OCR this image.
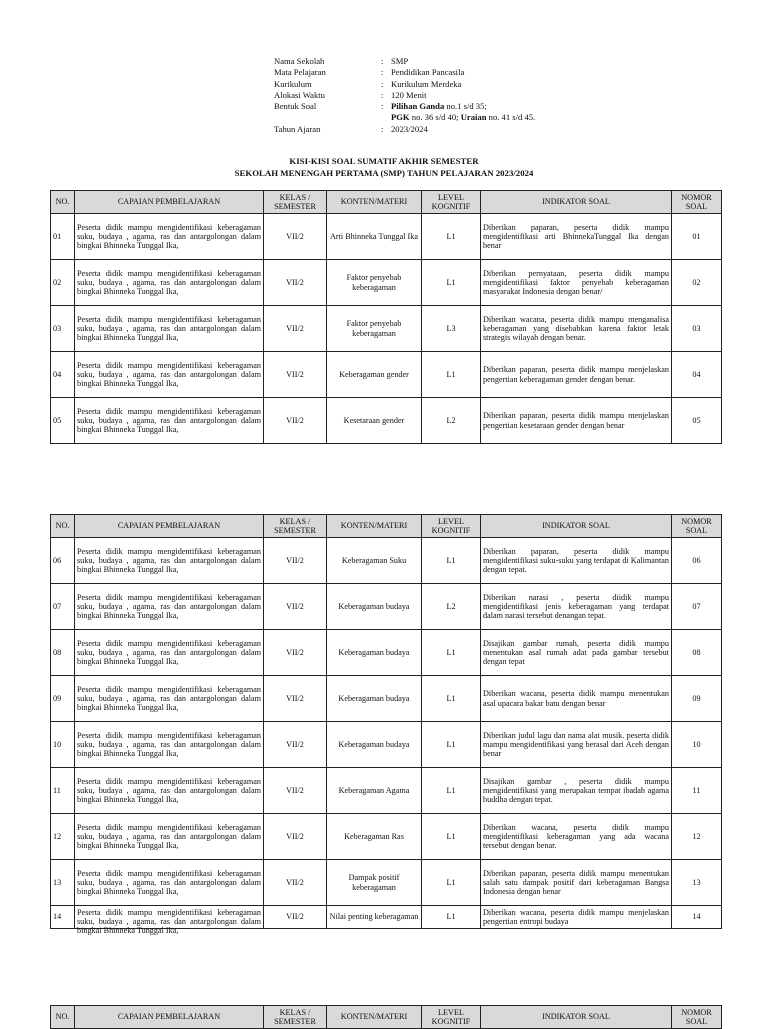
Nama Sekolah	: SMP
Mata Pelajaran	: Pendidikan Pancasila
Kurikulum	: Kurikulum Merdeka
Alokasi Waktu	: 120 Menit
Bentuk Soal	: Pilihan Ganda no.1 s/d 35;
PGK no. 36 s/d 40; Uraian no. 41 s/d 45.
Tahun Ajaran	: 2023/2024
KISI-KISI SOAL SUMATIF AKHIR SEMESTER
SEKOLAH MENENGAH PERTAMA (SMP) TAHUN PELAJARAN 2023/2024
NO.	CAPAIAN PEMBELAJARAN	KELAS / SEMESTER	KONTEN/MATERI	LEVEL KOGNITIF	INDIKATOR SOAL	NOMOR SOAL
01	Peserta didik mampu mengidentifikasi keberagaman suku, budaya , agama, ras dan antargolongan dalam bingkai Bhinneka Tunggal Ika,	VII/2	Arti Bhinneka Tunggal Ika	L1	Diberikan paparan, peserta didik mampu mengidentifikasi arti BhinnekaTunggal Ika dengan benar	01
02	Peserta didik mampu mengidentifikasi keberagaman suku, budaya , agama, ras dan antargolongan dalam bingkai Bhinneka Tunggal Ika,	VII/2	Faktor penyebab keberagaman	L1	Diberikan pernyataan, peserta didik mampu mengidentifikasi faktor penyebab keberagaman masyarakat Indonesia dengan benar/	02
03	Peserta didik mampu mengidentifikasi keberagaman suku, budaya , agama, ras dan antargolongan dalam bingkai Bhinneka Tunggal Ika,	VII/2	Faktor penyebab keberagaman	L3	Diberikan wacana, peserta didik mampu menganalisa keberagaman yang disebabkan karena faktor letak strategis wilayah dengan benar.	03
04	Peserta didik mampu mengidentifikasi keberagaman suku, budaya , agama, ras dan antargolongan dalam bingkai Bhinneka Tunggal Ika,	VII/2	Keberagaman gender	L1	Diberikan paparan, peserta didik mampu menjelaskan pengertian keberagaman gender dengan benar.	04
05	Peserta didik mampu mengidentifikasi keberagaman suku, budaya , agama, ras dan antargolongan dalam bingkai Bhinneka Tunggal Ika,	VII/2	Kesetaraan gender	L2	Diberikan paparan, peserta didik mampu menjelaskan pengertian kesetaraan gender dengan benar	05
NO.	CAPAIAN PEMBELAJARAN	KELAS / SEMESTER	KONTEN/MATERI	LEVEL KOGNITIF	INDIKATOR SOAL	NOMOR SOAL
06	Peserta didik mampu mengidentifikasi keberagaman suku, budaya , agama, ras dan antargolongan dalam bingkai Bhinneka Tunggal Ika,	VII/2	Keberagaman Suku	L1	Diberikan paparan, peserta didik mampu mengidentifikasi suku-suku yang terdapat di Kalimantan dengan tepat.	06
07	Peserta didik mampu mengidentifikasi keberagaman suku, budaya , agama, ras dan antargolongan dalam bingkai Bhinneka Tunggal Ika,	VII/2	Keberagaman budaya	L2	Diberikan narasi , peserta diidik mampu mengidentifikasi jenis keberagaman yang terdapat dalam narasi tersebut denangan tepat.	07
08	Peserta didik mampu mengidentifikasi keberagaman suku, budaya , agama, ras dan antargolongan dalam bingkai Bhinneka Tunggal Ika,	VII/2	Keberagaman budaya	L1	Disajikan gambar rumah, peserta didik mampu menentukan asal rumah adat pada gambar tersebut dengan tepat	08
09	Peserta didik mampu mengidentifikasi keberagaman suku, budaya , agama, ras dan antargolongan dalam bingkai Bhinneka Tunggal Ika,	VII/2	Keberagaman budaya	L1	Diberikan wacana, peserta didik mampu menentukan asal upacara bakar batu dengan benar	09
10	Peserta didik mampu mengidentifikasi keberagaman suku, budaya , agama, ras dan antargolongan dalam bingkai Bhinneka Tunggal Ika,	VII/2	Keberagaman budaya	L1	Diberikan judul lagu dan nama alat musik. peserta didik mampu mengidentifikasi yang berasal dari Aceh dengan benar	10
11	Peserta didik mampu mengidentifikasi keberagaman suku, budaya , agama, ras dan antargolongan dalam bingkai Bhinneka Tunggal Ika,	VII/2	Keberagaman Agama	L1	Disajikan gambar , peserta didik mampu mengidentifikasi yang merupakan tempat ibadah agama buddha dengan tepat.	11
12	Peserta didik mampu mengidentifikasi keberagaman suku, budaya , agama, ras dan antargolongan dalam bingkai Bhinneka Tunggal Ika,	VII/2	Keberagaman Ras	L1	Diberikan wacana, peserta didik mampu mengidentifikasi keberagaman yang ada wacana tersebut dengan benar.	12
13	Peserta didik mampu mengidentifikasi keberagaman suku, budaya , agama, ras dan antargolongan dalam bingkai Bhinneka Tunggal Ika,	VII/2	Dampak positif keberagaman	L1	Diberikan paparan, peserta didik mampu menentukan salah satu dampak positif dari keberagaman Bangsa Indonesia dengan benar	13
14	Peserta didik mampu mengidentifikasi keberagaman suku, budaya , agama, ras dan antargolongan dalam bingkai Bhinneka Tunggal Ika,	VII/2	Nilai penting keberagaman	L1	Diberikan wacana, peserta didik mampu menjelaskan pengertian entropi budaya	14
NO.	CAPAIAN PEMBELAJARAN	KELAS / SEMESTER	KONTEN/MATERI	LEVEL KOGNITIF	INDIKATOR SOAL	NOMOR SOAL
